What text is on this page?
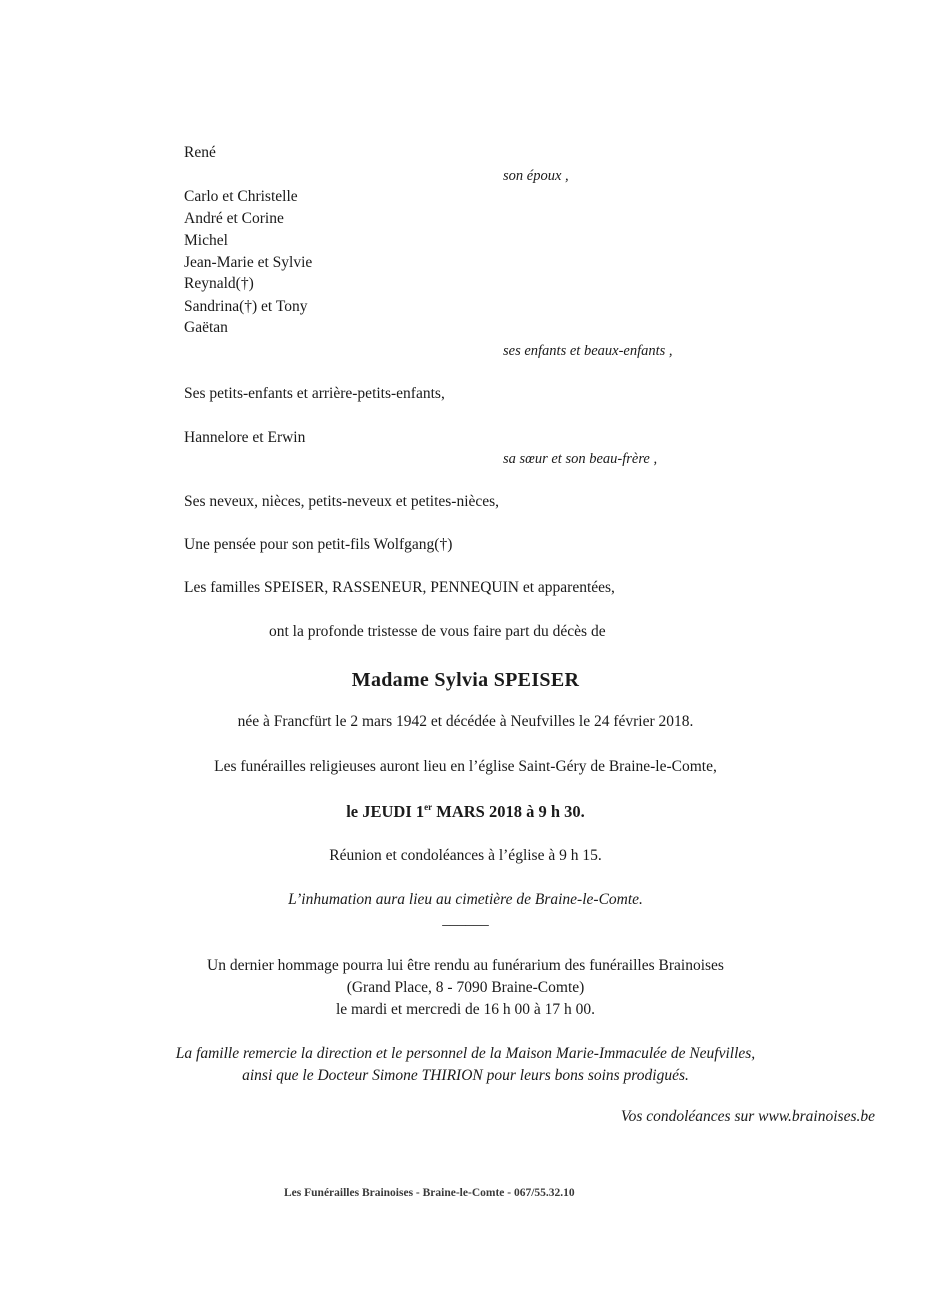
René
son époux ,
Carlo et Christelle
André et Corine
Michel
Jean-Marie et Sylvie
Reynald(†)
Sandrina(†) et Tony
Gaëtan
ses enfants et beaux-enfants ,
Ses petits-enfants et arrière-petits-enfants,
Hannelore et Erwin
sa sœur et son beau-frère ,
Ses neveux, nièces, petits-neveux et petites-nièces,
Une pensée pour son petit-fils Wolfgang(†)
Les familles SPEISER, RASSENEUR, PENNEQUIN et apparentées,
ont la profonde tristesse de vous faire part du décès de
Madame Sylvia SPEISER
née à Francfürt le 2 mars 1942 et décédée à Neufvilles le 24 février 2018.
Les funérailles religieuses auront lieu en l’église Saint-Géry de Braine-le-Comte,
le JEUDI 1er MARS 2018 à 9 h 30.
Réunion et condoléances à l’église à 9 h 15.
L’inhumation aura lieu au cimetière de Braine-le-Comte.
______
Un dernier hommage pourra lui être rendu au funérarium des funérailles Brainoises
(Grand Place, 8 - 7090 Braine-Comte)
le mardi et mercredi de 16 h 00 à 17 h 00.
La famille remercie la direction et le personnel de la Maison Marie-Immaculée de Neufvilles,
ainsi que le Docteur Simone THIRION pour leurs bons soins prodigués.
Vos condoléances sur www.brainoises.be
Les Funérailles Brainoises - Braine-le-Comte - 067/55.32.10
